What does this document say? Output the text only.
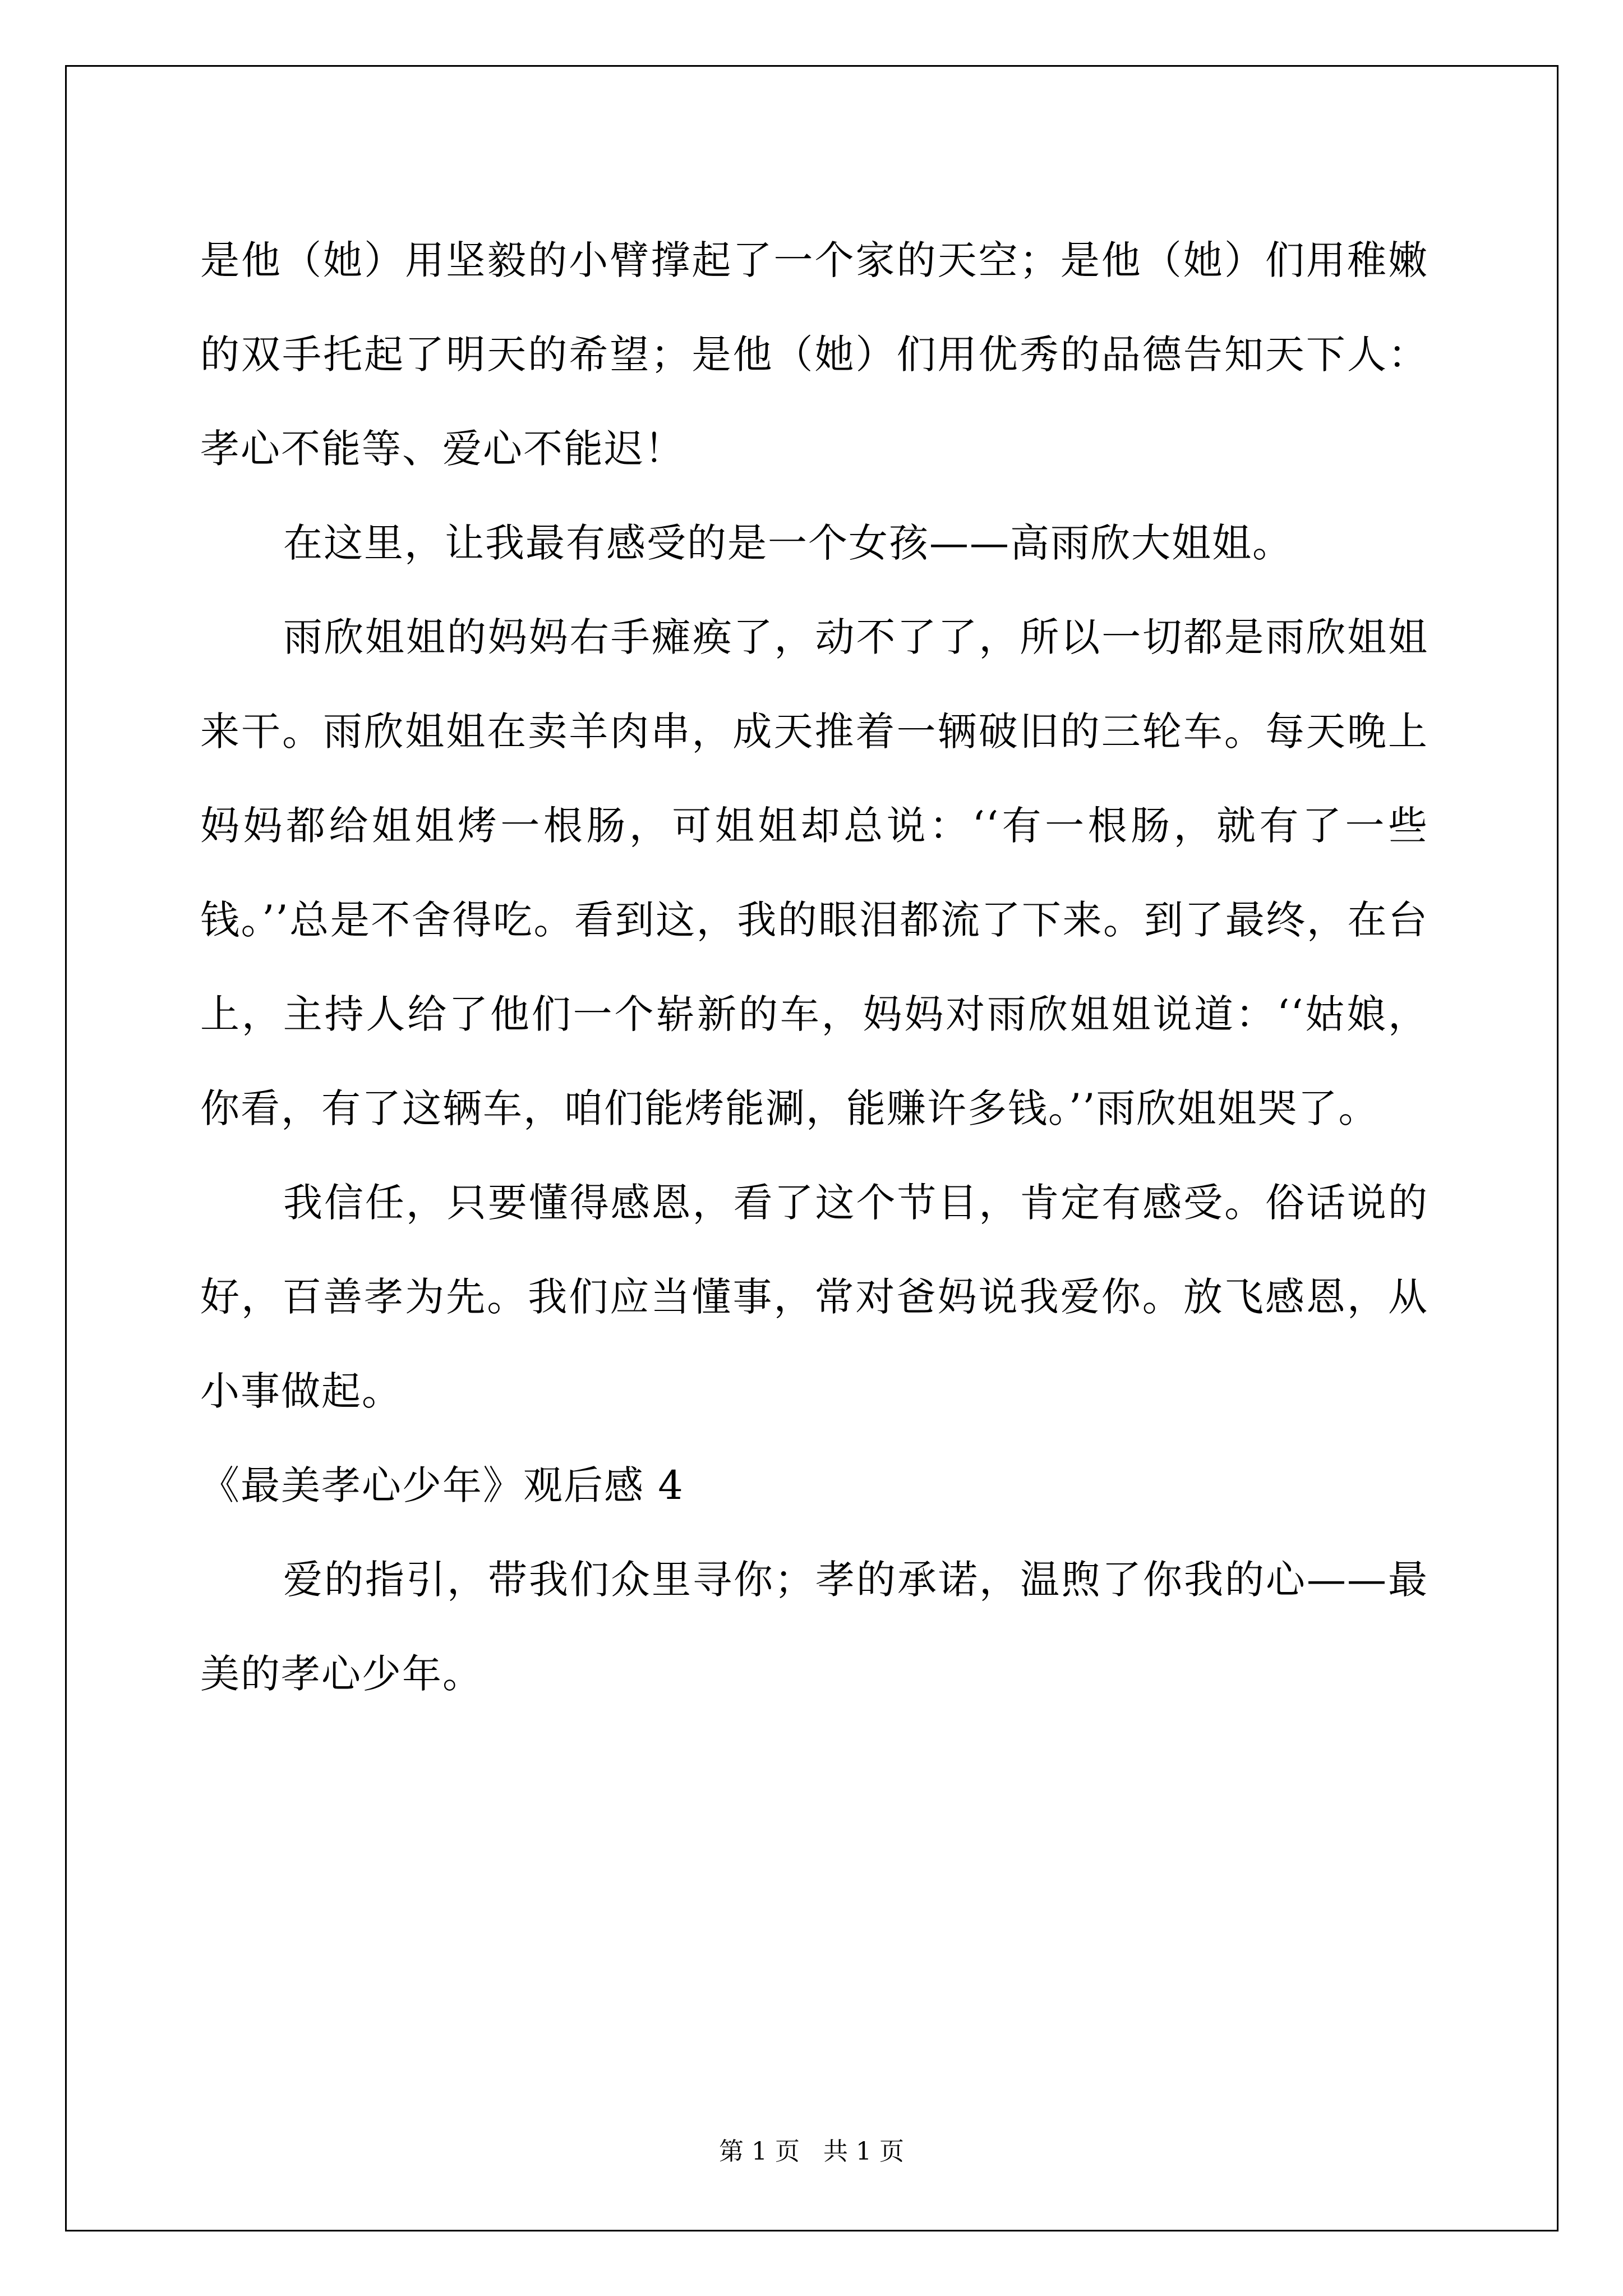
是他（她）用坚毅的小臂撑起了一个家的天空；是他（她）们用稚嫩的双手托起了明天的希望；是他（她）们用优秀的品德告知天下人：孝心不能等、爱心不能迟！

在这里，让我最有感受的是一个女孩——高雨欣大姐姐。

雨欣姐姐的妈妈右手瘫痪了，动不了了，所以一切都是雨欣姐姐来干。雨欣姐姐在卖羊肉串，成天推着一辆破旧的三轮车。每天晚上妈妈都给姐姐烤一根肠，可姐姐却总说：‘‘有一根肠，就有了一些钱。’’总是不舍得吃。看到这，我的眼泪都流了下来。到了最终，在台上，主持人给了他们一个崭新的车，妈妈对雨欣姐姐说道：‘‘姑娘，你看，有了这辆车，咱们能烤能涮，能赚许多钱。’’雨欣姐姐哭了。

我信任，只要懂得感恩，看了这个节目，肯定有感受。俗话说的好，百善孝为先。我们应当懂事，常对爸妈说我爱你。放飞感恩，从小事做起。

《最美孝心少年》观后感 4

爱的指引，带我们众里寻你；孝的承诺，温煦了你我的心——最美的孝心少年。

第 1 页   共 1 页
